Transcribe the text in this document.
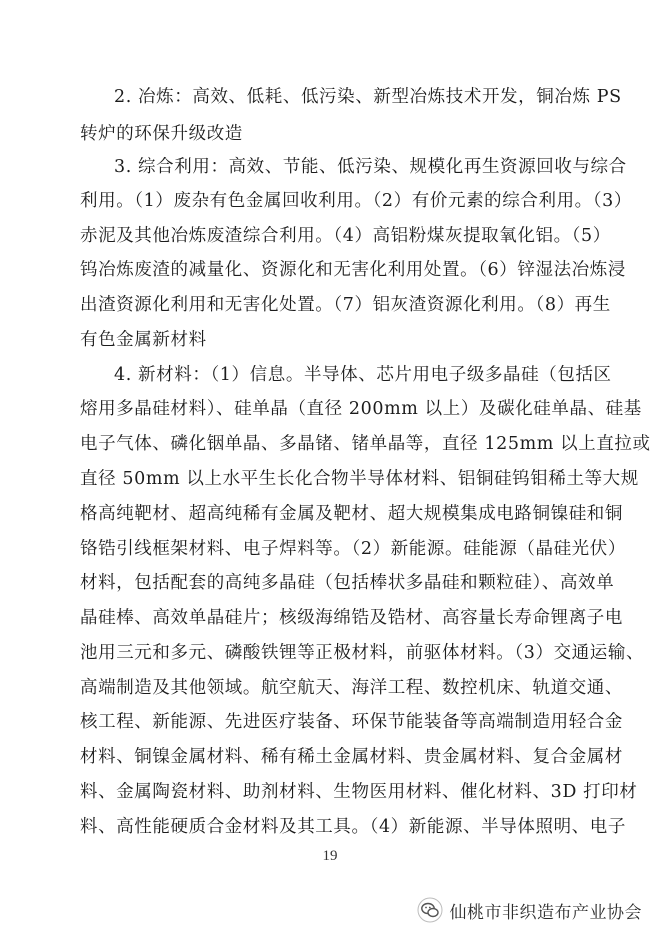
2. 冶炼：高效、低耗、低污染、新型冶炼技术开发，铜冶炼 PS

转炉的环保升级改造

3. 综合利用：高效、节能、低污染、规模化再生资源回收与综合

利用。（1）废杂有色金属回收利用。（2）有价元素的综合利用。（3）

赤泥及其他冶炼废渣综合利用。（4）高铝粉煤灰提取氧化铝。（5）

钨冶炼废渣的减量化、资源化和无害化利用处置。（6）锌湿法冶炼浸

出渣资源化利用和无害化处置。（7）铝灰渣资源化利用。（8）再生

有色金属新材料

4. 新材料：（1）信息。半导体、芯片用电子级多晶硅（包括区

熔用多晶硅材料）、硅单晶（直径 200mm 以上）及碳化硅单晶、硅基

电子气体、磷化铟单晶、多晶锗、锗单晶等，直径 125mm 以上直拉或

直径 50mm 以上水平生长化合物半导体材料、铝铜硅钨钼稀土等大规

格高纯靶材、超高纯稀有金属及靶材、超大规模集成电路铜镍硅和铜

铬锆引线框架材料、电子焊料等。（2）新能源。硅能源（晶硅光伏）

材料，包括配套的高纯多晶硅（包括棒状多晶硅和颗粒硅）、高效单

晶硅棒、高效单晶硅片；核级海绵锆及锆材、高容量长寿命锂离子电

池用三元和多元、磷酸铁锂等正极材料，前驱体材料。（3）交通运输、

高端制造及其他领域。航空航天、海洋工程、数控机床、轨道交通、

核工程、新能源、先进医疗装备、环保节能装备等高端制造用轻合金

材料、铜镍金属材料、稀有稀土金属材料、贵金属材料、复合金属材

料、金属陶瓷材料、助剂材料、生物医用材料、催化材料、3D 打印材

料、高性能硬质合金材料及其工具。（4）新能源、半导体照明、电子

19
仙桃市非织造布产业协会
